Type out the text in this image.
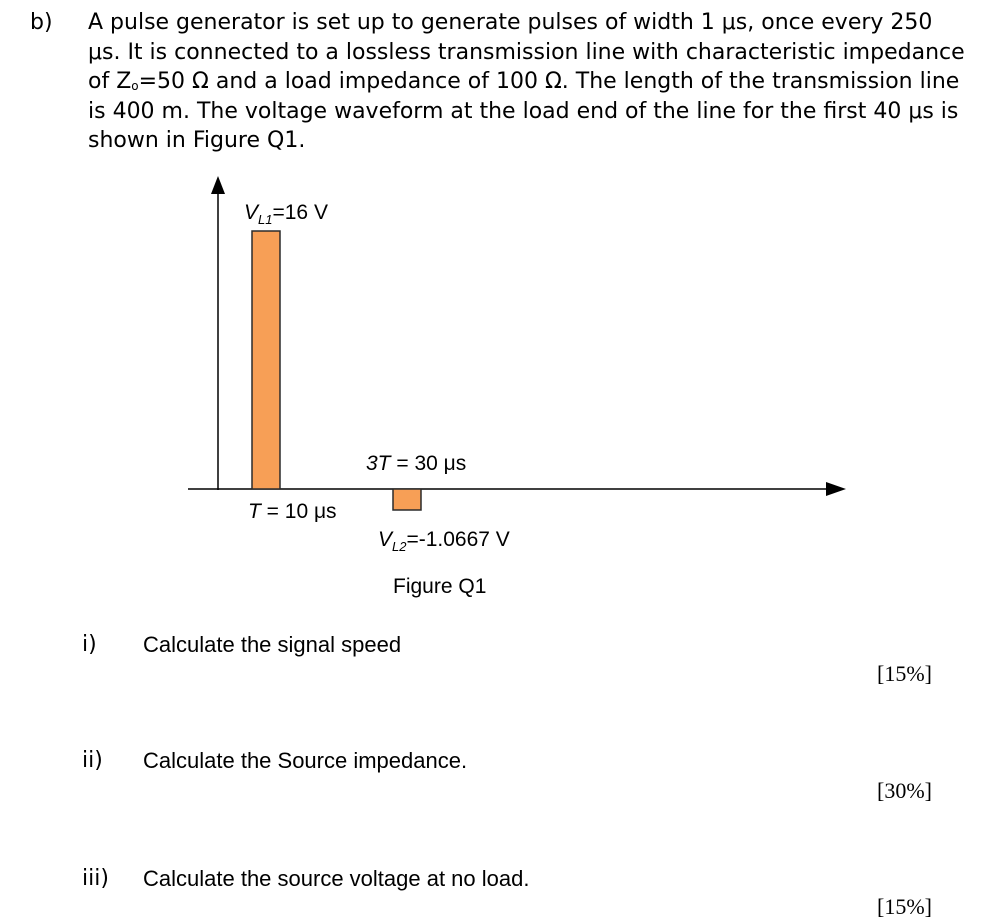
b) A pulse generator is set up to generate pulses of width 1 μs, once every 250 μs. It is connected to a lossless transmission line with characteristic impedance of $Z_o=50$ Ω and a load impedance of 100 Ω. The length of the transmission line is 400 m. The voltage waveform at the load end of the line for the first 40 μs is shown in Figure Q1.

$V_{L1}=16$ V
T = 10 μs
3T = 30 μs
$V_{L2}=-1.0667$ V
Figure Q1
i) Calculate the signal speed
[15%]
ii) Calculate the Source impedance.
[30%]
iii) Calculate the source voltage at no load.
[15%]
